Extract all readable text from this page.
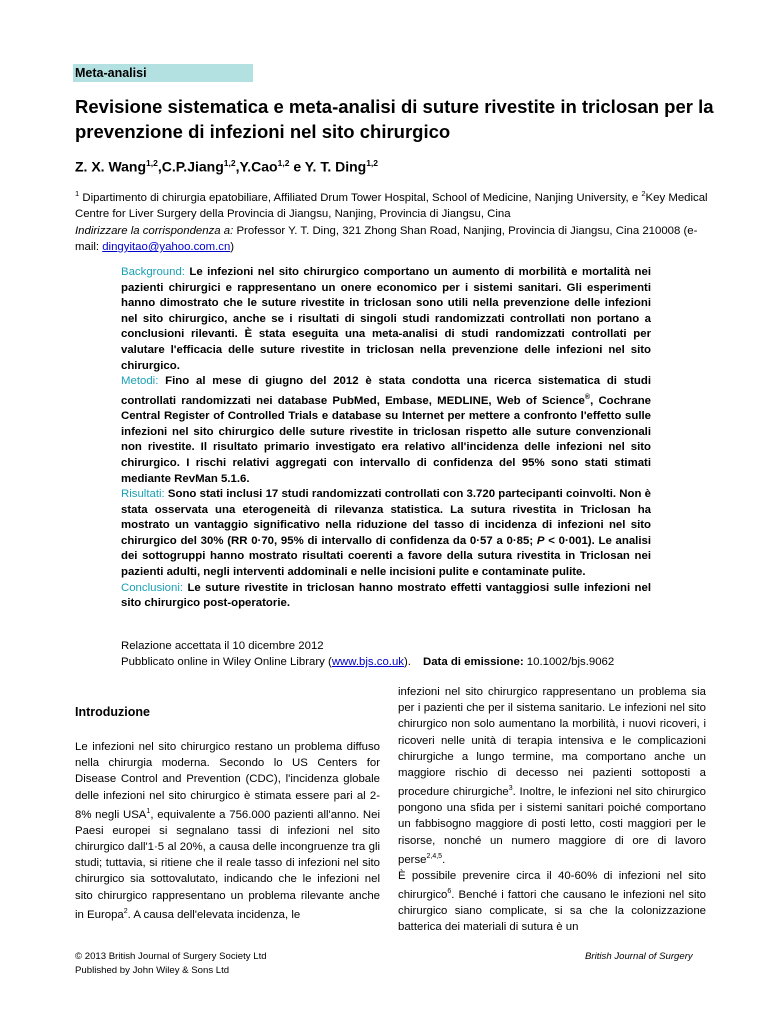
Meta-analisi
Revisione sistematica e meta-analisi di suture rivestite in triclosan per la prevenzione di infezioni nel sito chirurgico
Z. X. Wang$^{1,2}$,C.P.Jiang$^{1,2}$,Y.Cao$^{1,2}$ e Y. T. Ding$^{1,2}$
$^1$ Dipartimento di chirurgia epatobiliare, Affiliated Drum Tower Hospital, School of Medicine, Nanjing University, e $^2$Key Medical Centre for Liver Surgery della Provincia di Jiangsu, Nanjing, Provincia di Jiangsu, Cina
Indirizzare la corrispondenza a: Professor Y. T. Ding, 321 Zhong Shan Road, Nanjing, Provincia di Jiangsu, Cina 210008 (e-mail: dingyitao@yahoo.com.cn)

Background: Le infezioni nel sito chirurgico comportano un aumento di morbilità e mortalità nei pazienti chirurgici e rappresentano un onere economico per i sistemi sanitari. Gli esperimenti hanno dimostrato che le suture rivestite in triclosan sono utili nella prevenzione delle infezioni nel sito chirurgico, anche se i risultati di singoli studi randomizzati controllati non portano a conclusioni rilevanti. È stata eseguita una meta-analisi di studi randomizzati controllati per valutare l'efficacia delle suture rivestite in triclosan nella prevenzione delle infezioni nel sito chirurgico.

Metodi: Fino al mese di giugno del 2012 è stata condotta una ricerca sistematica di studi controllati randomizzati nei database PubMed, Embase, MEDLINE, Web of Science®, Cochrane Central Register of Controlled Trials e database su Internet per mettere a confronto l'effetto sulle infezioni nel sito chirurgico delle suture rivestite in triclosan rispetto alle suture convenzionali non rivestite. Il risultato primario investigato era relativo all'incidenza delle infezioni nel sito chirurgico. I rischi relativi aggregati con intervallo di confidenza del 95% sono stati stimati mediante RevMan 5.1.6.

Risultati: Sono stati inclusi 17 studi randomizzati controllati con 3.720 partecipanti coinvolti. Non è stata osservata una eterogeneità di rilevanza statistica. La sutura rivestita in Triclosan ha mostrato un vantaggio significativo nella riduzione del tasso di incidenza di infezioni nel sito chirurgico del 30% (RR 0·70, 95% di intervallo di confidenza da 0·57 a 0·85; P < 0·001). Le analisi dei sottogruppi hanno mostrato risultati coerenti a favore della sutura rivestita in Triclosan nei pazienti adulti, negli interventi addominali e nelle incisioni pulite e contaminate pulite.

Conclusioni: Le suture rivestite in triclosan hanno mostrato effetti vantaggiosi sulle infezioni nel sito chirurgico post-operatorie.

Relazione accettata il 10 dicembre 2012
Pubblicato online in Wiley Online Library (www.bjs.co.uk). Data di emissione: 10.1002/bjs.9062
Introduzione

Le infezioni nel sito chirurgico restano un problema diffuso nella chirurgia moderna. Secondo lo US Centers for Disease Control and Prevention (CDC), l'incidenza globale delle infezioni nel sito chirurgico è stimata essere pari al 2-8% negli USA$^1$, equivalente a 756.000 pazienti all'anno. Nei Paesi europei si segnalano tassi di infezioni nel sito chirurgico dall'1·5 al 20%, a causa delle incongruenze tra gli studi; tuttavia, si ritiene che il reale tasso di infezioni nel sito chirurgico sia sottovalutato, indicando che le infezioni nel sito chirurgico rappresentano un problema rilevante anche in Europa$^2$. A causa dell'elevata incidenza, le

infezioni nel sito chirurgico rappresentano un problema sia per i pazienti che per il sistema sanitario. Le infezioni nel sito chirurgico non solo aumentano la morbilità, i nuovi ricoveri, i ricoveri nelle unità di terapia intensiva e le complicazioni chirurgiche a lungo termine, ma comportano anche un maggiore rischio di decesso nei pazienti sottoposti a procedure chirurgiche$^3$. Inoltre, le infezioni nel sito chirurgico pongono una sfida per i sistemi sanitari poiché comportano un fabbisogno maggiore di posti letto, costi maggiori per le risorse, nonché un numero maggiore di ore di lavoro perse$^{2,4,5}$.

È possibile prevenire circa il 40-60% di infezioni nel sito chirurgico$^6$. Benché i fattori che causano le infezioni nel sito chirurgico siano complicate, si sa che la colonizzazione batterica dei materiali di sutura è un

© 2013 British Journal of Surgery Society Ltd
Published by John Wiley & Sons Ltd
British Journal of Surgery
